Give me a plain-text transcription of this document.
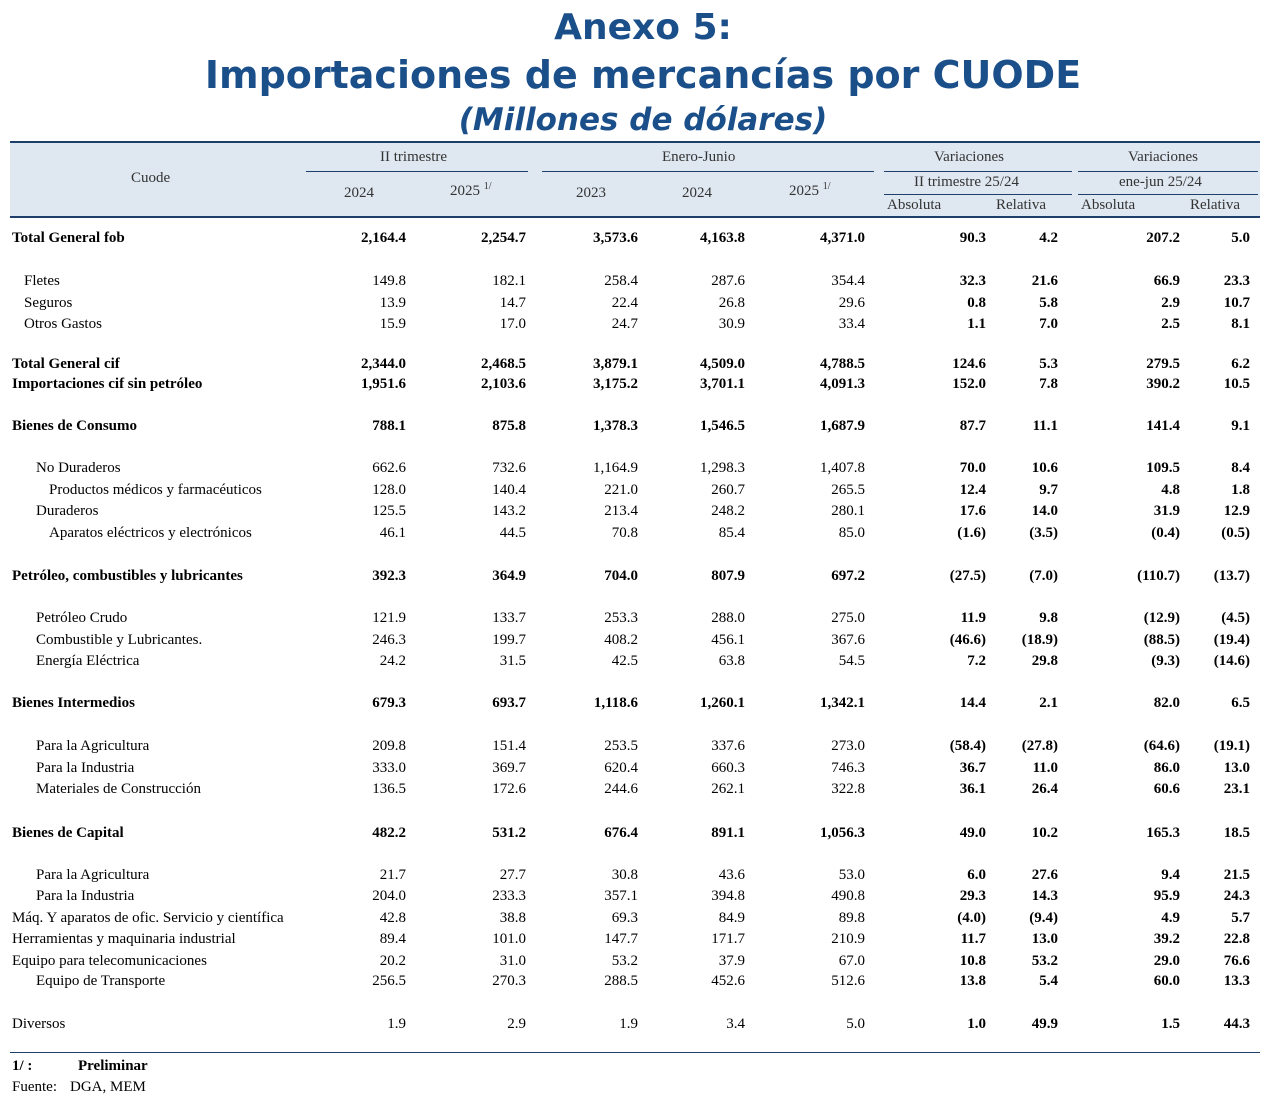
Anexo 5:
Importaciones de mercancías por CUODE
(Millones de dólares)
Cuode
II trimestre	Enero-Junio	Variaciones	Variaciones
II trimestre 25/24	ene-jun 25/24
2024	2025 $^{1/}$	2023	2024	2025 $^{1/}$
Absoluta	Relativa Absoluta	Relativa
Total General fob	2,164.4	2,254.7	3,573.6	4,163.8	4,371.0	90.3	4.2	207.2	5.0
Fletes	149.8	182.1	258.4	287.6	354.4	32.3	21.6	66.9	23.3
Seguros	13.9	14.7	22.4	26.8	29.6	0.8	5.8	2.9	10.7
Otros Gastos	15.9	17.0	24.7	30.9	33.4	1.1	7.0	2.5	8.1
Total General cif	2,344.0	2,468.5	3,879.1	4,509.0	4,788.5	124.6	5.3	279.5	6.2
Importaciones cif sin petróleo	1,951.6	2,103.6	3,175.2	3,701.1	4,091.3	152.0	7.8	390.2	10.5
Bienes de Consumo	788.1	875.8	1,378.3	1,546.5	1,687.9	87.7	11.1	141.4	9.1
No Duraderos	662.6	732.6	1,164.9	1,298.3	1,407.8	70.0	10.6	109.5	8.4
Productos médicos y farmacéuticos	128.0	140.4	221.0	260.7	265.5	12.4	9.7	4.8	1.8
Duraderos	125.5	143.2	213.4	248.2	280.1	17.6	14.0	31.9	12.9
Aparatos eléctricos y electrónicos	46.1	44.5	70.8	85.4	85.0	(1.6)	(3.5)	(0.4)	(0.5)
Petróleo, combustibles y lubricantes	392.3	364.9	704.0	807.9	697.2	(27.5)	(7.0)	(110.7)	(13.7)
Petróleo Crudo	121.9	133.7	253.3	288.0	275.0	11.9	9.8	(12.9)	(4.5)
Combustible y Lubricantes.	246.3	199.7	408.2	456.1	367.6	(46.6)	(18.9)	(88.5)	(19.4)
Energía Eléctrica	24.2	31.5	42.5	63.8	54.5	7.2	29.8	(9.3)	(14.6)
Bienes Intermedios	679.3	693.7	1,118.6	1,260.1	1,342.1	14.4	2.1	82.0	6.5
Para la Agricultura	209.8	151.4	253.5	337.6	273.0	(58.4)	(27.8)	(64.6)	(19.1)
Para la Industria	333.0	369.7	620.4	660.3	746.3	36.7	11.0	86.0	13.0
Materiales de Construcción	136.5	172.6	244.6	262.1	322.8	36.1	26.4	60.6	23.1
Bienes de Capital	482.2	531.2	676.4	891.1	1,056.3	49.0	10.2	165.3	18.5
Para la Agricultura	21.7	27.7	30.8	43.6	53.0	6.0	27.6	9.4	21.5
Para la Industria	204.0	233.3	357.1	394.8	490.8	29.3	14.3	95.9	24.3
Máq. Y aparatos de ofic. Servicio y científica	42.8	38.8	69.3	84.9	89.8	(4.0)	(9.4)	4.9	5.7
Herramientas y maquinaria industrial	89.4	101.0	147.7	171.7	210.9	11.7	13.0	39.2	22.8
Equipo para telecomunicaciones	20.2	31.0	53.2	37.9	67.0	10.8	53.2	29.0	76.6
Equipo de Transporte	256.5	270.3	288.5	452.6	512.6	13.8	5.4	60.0	13.3
Diversos	1.9	2.9	1.9	3.4	5.0	1.0	49.9	1.5	44.3
1/ :	Preliminar
Fuente: DGA, MEM
